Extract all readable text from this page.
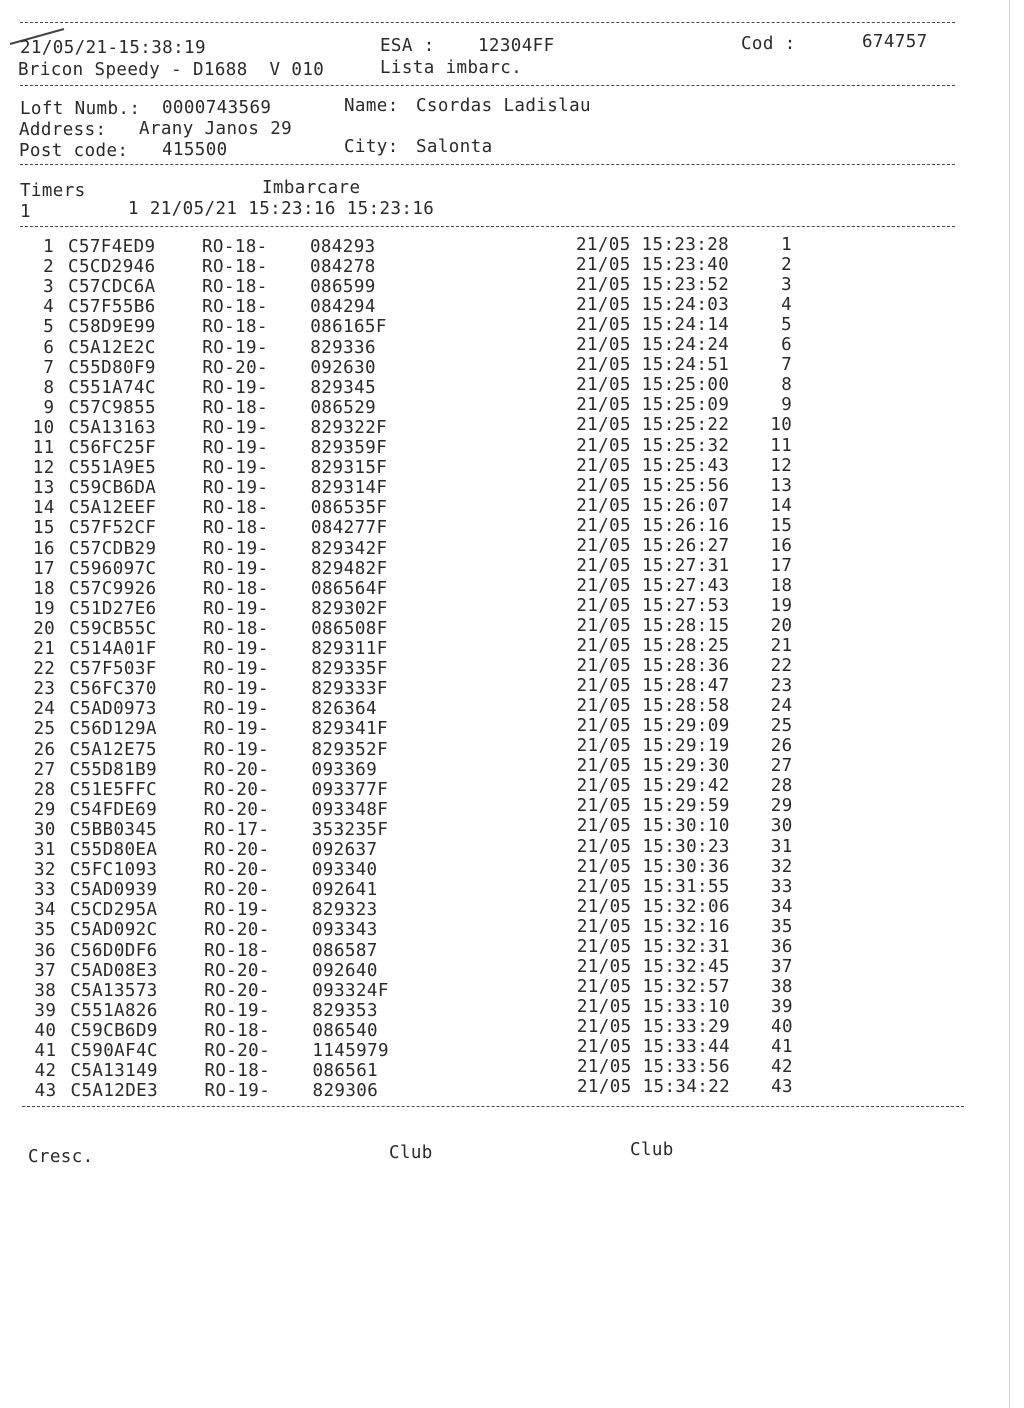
21/05/21-15:38:19	ESA : 12304FF	Cod :	674757
Bricon Speedy - D1688  V 010	Lista imbarc.
Loft Numb.: 0000743569	Name: Csordas Ladislau
Address: Arany Janos 29
Post code: 415500	City: Salonta
Timers	Imbarcare
1	1 21/05/21 15:23:16 15:23:16
1 C57F4ED9	RO-18- 084293	21/05 15:23:28	1
2 C5CD2946	RO-18- 084278	21/05 15:23:40	2
3 C57CDC6A	RO-18- 086599	21/05 15:23:52	3
4 C57F55B6	RO-18- 084294	21/05 15:24:03	4
5 C58D9E99	RO-18- 086165F	21/05 15:24:14	5
6 C5A12E2C	RO-19- 829336	21/05 15:24:24	6
7 C55D80F9	RO-20- 092630	21/05 15:24:51	7
8 C551A74C	RO-19- 829345	21/05 15:25:00	8
9 C57C9855	RO-18- 086529	21/05 15:25:09	9
10 C5A13163	RO-19- 829322F	21/05 15:25:22	10
11 C56FC25F	RO-19- 829359F	21/05 15:25:32	11
12 C551A9E5	RO-19- 829315F	21/05 15:25:43	12
13 C59CB6DA	RO-19- 829314F	21/05 15:25:56	13
14 C5A12EEF	RO-18- 086535F	21/05 15:26:07	14
15 C57F52CF	RO-18- 084277F	21/05 15:26:16	15
16 C57CDB29	RO-19- 829342F	21/05 15:26:27	16
17 C596097C	RO-19- 829482F	21/05 15:27:31	17
18 C57C9926	RO-18- 086564F	21/05 15:27:43	18
19 C51D27E6	RO-19- 829302F	21/05 15:27:53	19
20 C59CB55C	RO-18- 086508F	21/05 15:28:15	20
21 C514A01F	RO-19- 829311F	21/05 15:28:25	21
22 C57F503F	RO-19- 829335F	21/05 15:28:36	22
23 C56FC370	RO-19- 829333F	21/05 15:28:47	23
24 C5AD0973	RO-19- 826364	21/05 15:28:58	24
25 C56D129A	RO-19- 829341F	21/05 15:29:09	25
26 C5A12E75	RO-19- 829352F	21/05 15:29:19	26
27 C55D81B9	RO-20- 093369	21/05 15:29:30	27
28 C51E5FFC	RO-20- 093377F	21/05 15:29:42	28
29 C54FDE69	RO-20- 093348F	21/05 15:29:59	29
30 C5BB0345	RO-17- 353235F	21/05 15:30:10	30
31 C55D80EA	RO-20- 092637	21/05 15:30:23	31
32 C5FC1093	RO-20- 093340	21/05 15:30:36	32
33 C5AD0939	RO-20- 092641	21/05 15:31:55	33
34 C5CD295A	RO-19- 829323	21/05 15:32:06	34
35 C5AD092C	RO-20- 093343	21/05 15:32:16	35
36 C56D0DF6	RO-18- 086587	21/05 15:32:31	36
37 C5AD08E3	RO-20- 092640	21/05 15:32:45	37
38 C5A13573	RO-20- 093324F	21/05 15:32:57	38
39 C551A826	RO-19- 829353	21/05 15:33:10	39
40 C59CB6D9	RO-18- 086540	21/05 15:33:29	40
41 C590AF4C	RO-20- 1145979	21/05 15:33:44	41
42 C5A13149	RO-18- 086561	21/05 15:33:56	42
43 C5A12DE3	RO-19- 829306	21/05 15:34:22	43
Cresc.	Club	Club
